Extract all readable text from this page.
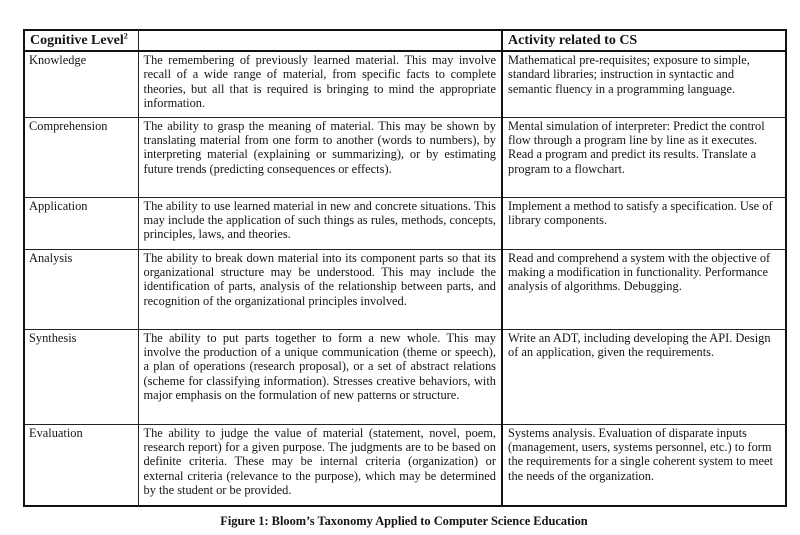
Cognitive Level$^2$		Activity related to CS
Knowledge	The remembering of previously learned material. This may involve recall of a wide range of material, from specific facts to complete theories, but all that is required is bringing to mind the appropriate information.	Mathematical pre-requisites; exposure to simple, standard libraries; instruction in syntactic and semantic fluency in a programming language.
Comprehension	The ability to grasp the meaning of material. This may be shown by translating material from one form to another (words to numbers), by interpreting material (explaining or summarizing), or by estimating future trends (predicting consequences or effects).	Mental simulation of interpreter: Predict the control flow through a program line by line as it executes. Read a program and predict its results. Translate a program to a flowchart.
Application	The ability to use learned material in new and concrete situations. This may include the application of such things as rules, methods, concepts, principles, laws, and theories.	Implement a method to satisfy a specification. Use of library components.
Analysis	The ability to break down material into its component parts so that its organizational structure may be understood. This may include the identification of parts, analysis of the relationship between parts, and recognition of the organizational principles involved.	Read and comprehend a system with the objective of making a modification in functionality. Performance analysis of algorithms. Debugging.
Synthesis	The ability to put parts together to form a new whole. This may involve the production of a unique communication (theme or speech), a plan of operations (research proposal), or a set of abstract relations (scheme for classifying information). Stresses creative behaviors, with major emphasis on the formulation of new patterns or structure.	Write an ADT, including developing the API. Design of an application, given the requirements.
Evaluation	The ability to judge the value of material (statement, novel, poem, research report) for a given purpose. The judgments are to be based on definite criteria. These may be internal criteria (organization) or external criteria (relevance to the purpose), which may be determined by the student or be provided.	Systems analysis. Evaluation of disparate inputs (management, users, systems personnel, etc.) to form the requirements for a single coherent system to meet the needs of the organization.
Figure 1: Bloom’s Taxonomy Applied to Computer Science Education
